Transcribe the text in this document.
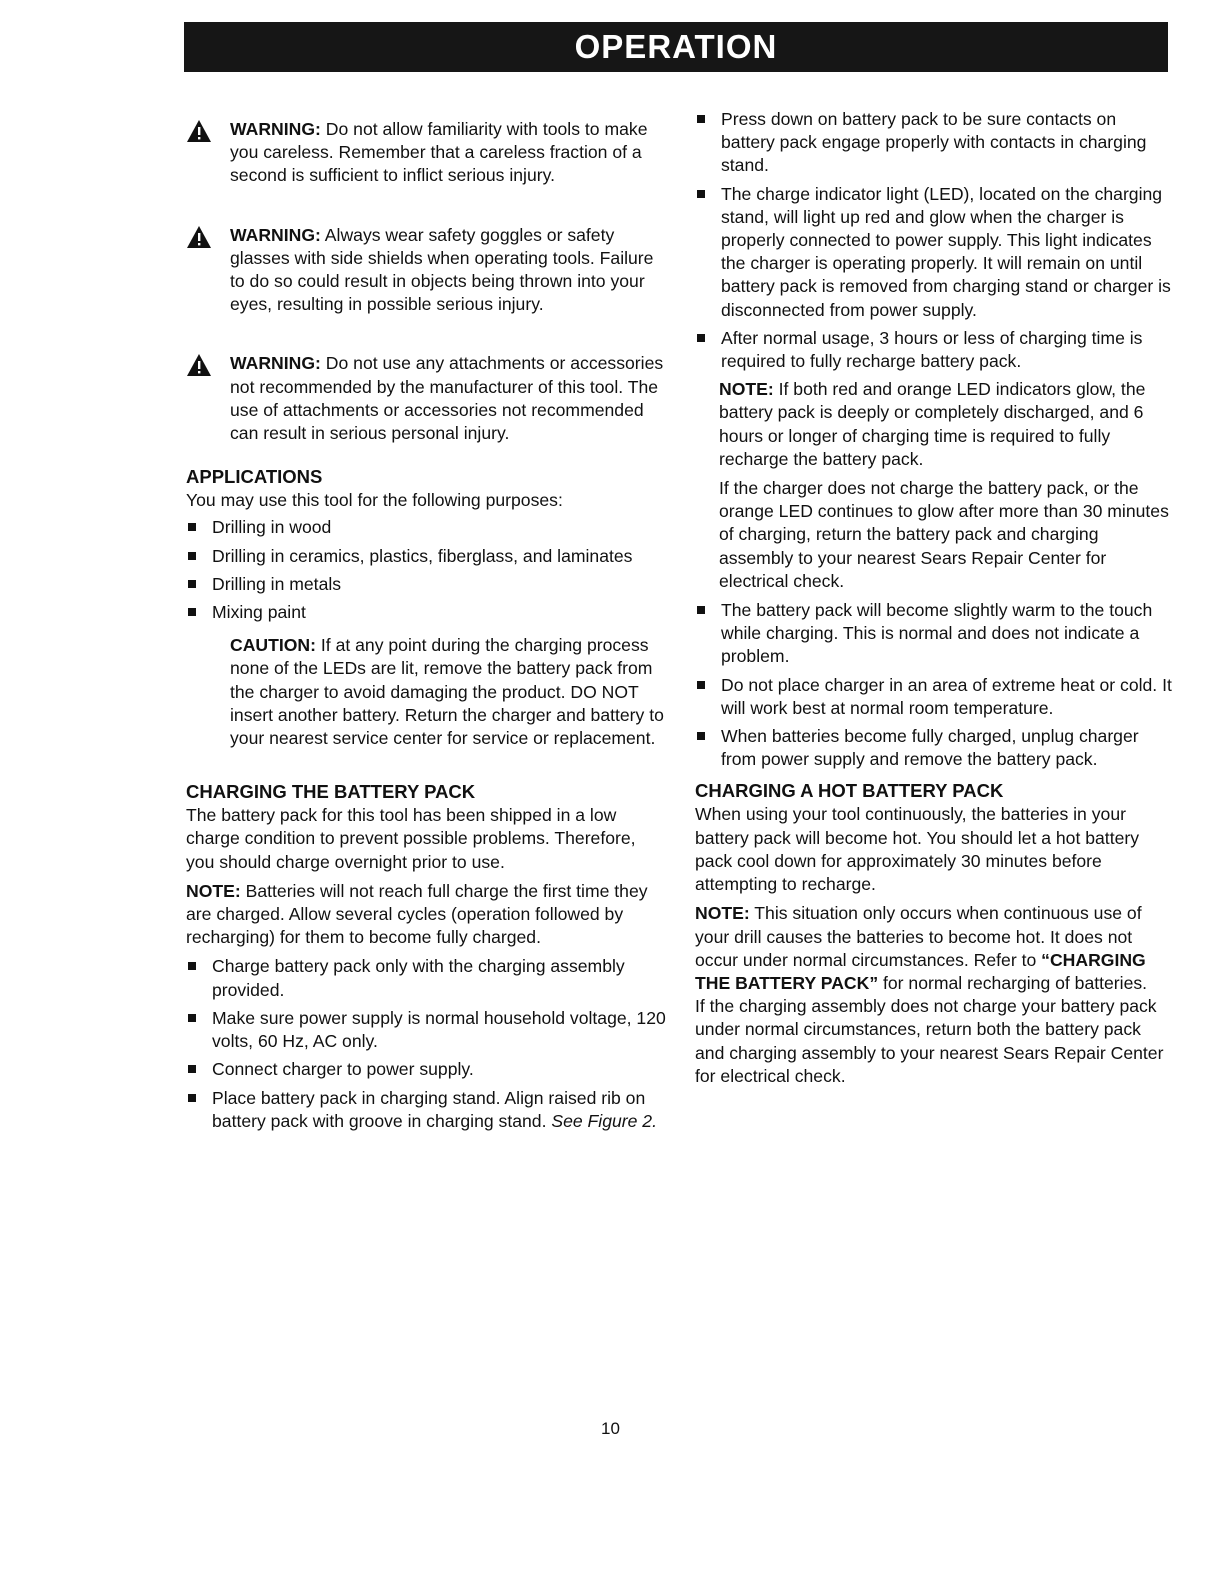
OPERATION

WARNING: Do not allow familiarity with tools to make you careless. Remember that a careless fraction of a second is sufficient to inflict serious injury.

WARNING: Always wear safety goggles or safety glasses with side shields when operating tools. Failure to do so could result in objects being thrown into your eyes, resulting in possible serious injury.

WARNING: Do not use any attachments or accessories not recommended by the manufacturer of this tool. The use of attachments or accessories not recommended can result in serious personal injury.

APPLICATIONS

You may use this tool for the following purposes:

Drilling in wood
Drilling in ceramics, plastics, fiberglass, and laminates
Drilling in metals
Mixing paint

CAUTION: If at any point during the charging process none of the LEDs are lit, remove the battery pack from the charger to avoid damaging the product. DO NOT insert another battery. Return the charger and battery to your nearest service center for service or replacement.

CHARGING THE BATTERY PACK

The battery pack for this tool has been shipped in a low charge condition to prevent possible problems. Therefore, you should charge overnight prior to use.

NOTE: Batteries will not reach full charge the first time they are charged. Allow several cycles (operation followed by recharging) for them to become fully charged.

Charge battery pack only with the charging assembly provided.
Make sure power supply is normal household voltage, 120 volts, 60 Hz, AC only.
Connect charger to power supply.
Place battery pack in charging stand. Align raised rib on battery pack with groove in charging stand. See Figure 2.
Press down on battery pack to be sure contacts on battery pack engage properly with contacts in charging stand.
The charge indicator light (LED), located on the charging stand, will light up red and glow when the charger is properly connected to power supply. This light indicates the charger is operating properly. It will remain on until battery pack is removed from charging stand or charger is disconnected from power supply.
After normal usage, 3 hours or less of charging time is required to fully recharge battery pack.

NOTE: If both red and orange LED indicators glow, the battery pack is deeply or completely discharged, and 6 hours or longer of charging time is required to fully recharge the battery pack.

If the charger does not charge the battery pack, or the orange LED continues to glow after more than 30 minutes of charging, return the battery pack and charging assembly to your nearest Sears Repair Center for electrical check.

The battery pack will become slightly warm to the touch while charging. This is normal and does not indicate a problem.
Do not place charger in an area of extreme heat or cold. It will work best at normal room temperature.
When batteries become fully charged, unplug charger from power supply and remove the battery pack.

CHARGING A HOT BATTERY PACK

When using your tool continuously, the batteries in your battery pack will become hot. You should let a hot battery pack cool down for approximately 30 minutes before attempting to recharge.

NOTE: This situation only occurs when continuous use of your drill causes the batteries to become hot. It does not occur under normal circumstances. Refer to “CHARGING THE BATTERY PACK” for normal recharging of batteries.

If the charging assembly does not charge your battery pack under normal circumstances, return both the battery pack and charging assembly to your nearest Sears Repair Center for electrical check.

10
